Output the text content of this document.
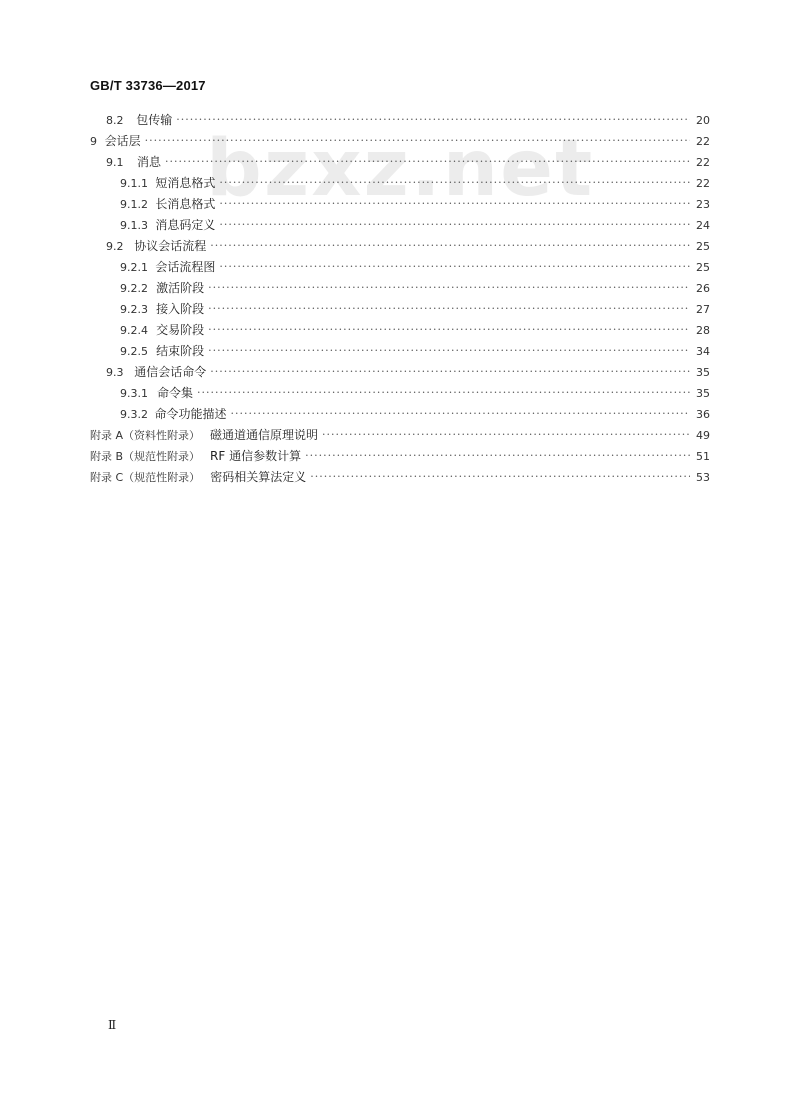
GB/T 33736—2017
bzxz.net
8.2	包传输 ·····	20
9 会话层 ·····	22
9.1	消息 ·····	22
9.1.1 短消息格式 ·····	22
9.1.2 长消息格式 ·····	23
9.1.3 消息码定义 ·····	24
9.2 协议会话流程 ·····	25
9.2.1 会话流程图 ·····	25
9.2.2 激活阶段 ·····	26
9.2.3 接入阶段 ·····	27
9.2.4 交易阶段 ·····	28
9.2.5 结束阶段 ·····	34
9.3 通信会话命令 ·····	35
9.3.1 命令集 ·····	35
9.3.2 命令功能描述 ·····	36
附录 A（资料性附录） 磁通道通信原理说明 ·····	49
附录 B（规范性附录） RF 通信参数计算 ·····	51
附录 C（规范性附录） 密码相关算法定义 ·····	53
Ⅱ
